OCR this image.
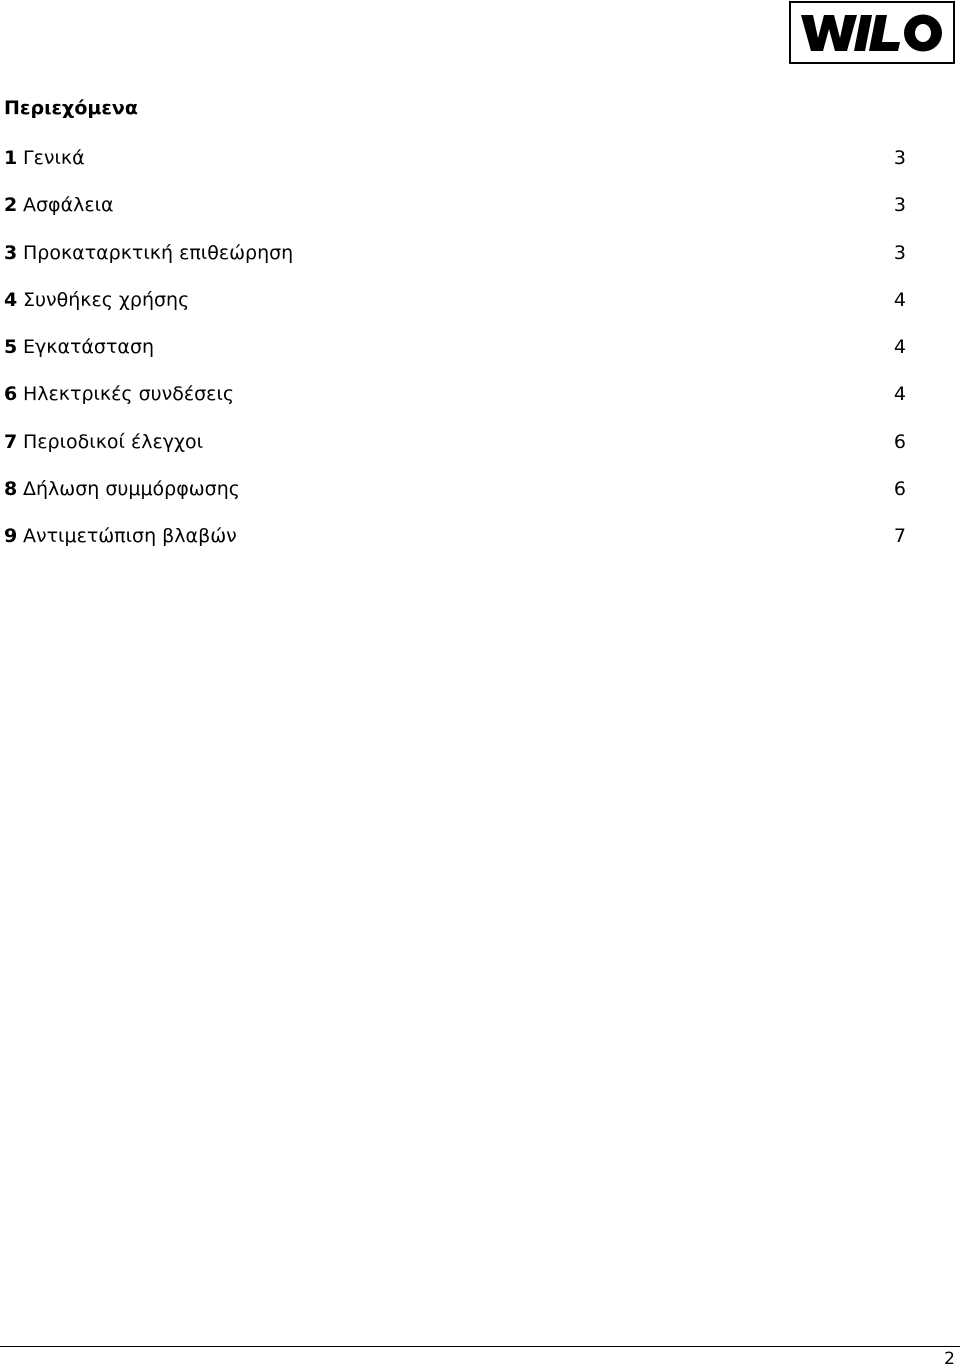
Περιεχόμενα
1 Γενικά	3
2 Ασφάλεια	3
3 Προκαταρκτική επιθεώρηση	3
4 Συνθήκες χρήσης	4
5 Εγκατάσταση	4
6 Ηλεκτρικές συνδέσεις	4
7 Περιοδικοί έλεγχοι	6
8 Δήλωση συμμόρφωσης	6
9 Αντιμετώπιση βλαβών	7
2
